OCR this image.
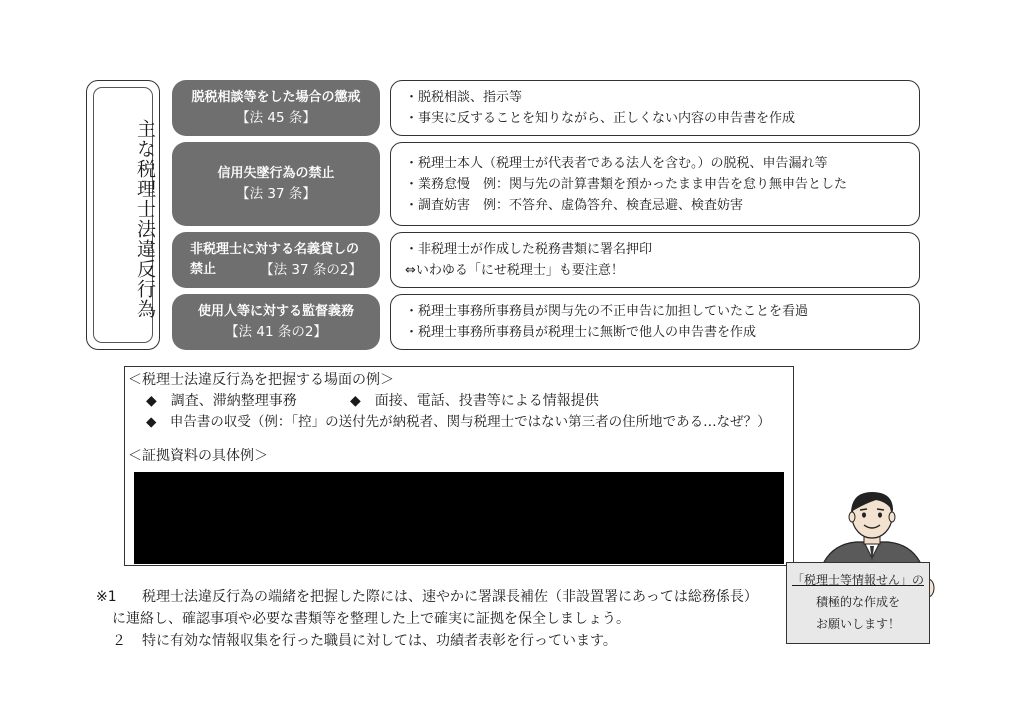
主な税理士法違反行為
脱税相談等をした場合の懲戒
【法 45 条】
・脱税相談、指示等
・事実に反することを知りながら、正しくない内容の申告書を作成
信用失墜行為の禁止
【法 37 条】
・税理士本人（税理士が代表者である法人を含む。）の脱税、申告漏れ等
・業務怠慢　例：関与先の計算書類を預かったまま申告を怠り無申告とした
・調査妨害　例：不答弁、虚偽答弁、検査忌避、検査妨害
非税理士に対する名義貸しの
禁止	【法 37 条の2】
・非税理士が作成した税務書類に署名押印
⇔いわゆる「にせ税理士」も要注意！
使用人等に対する監督義務
【法 41 条の2】
・税理士事務所事務員が関与先の不正申告に加担していたことを看過
・税理士事務所事務員が税理士に無断で他人の申告書を作成
＜税理士法違反行為を把握する場面の例＞
◆　調査、滞納整理事務	◆　面接、電話、投書等による情報提供
◆　申告書の収受（例：「控」の送付先が納税者、関与税理士ではない第三者の住所地である…なぜ？）
＜証拠資料の具体例＞
※1 税理士法違反行為の端緒を把握した際には、速やかに署課長補佐（非設置署にあっては総務係長）
に連絡し、確認事項や必要な書類等を整理した上で確実に証拠を保全しましょう。
２ 特に有効な情報収集を行った職員に対しては、功績者表彰を行っています。
「税理士等情報せん」の
積極的な作成を
お願いします！
